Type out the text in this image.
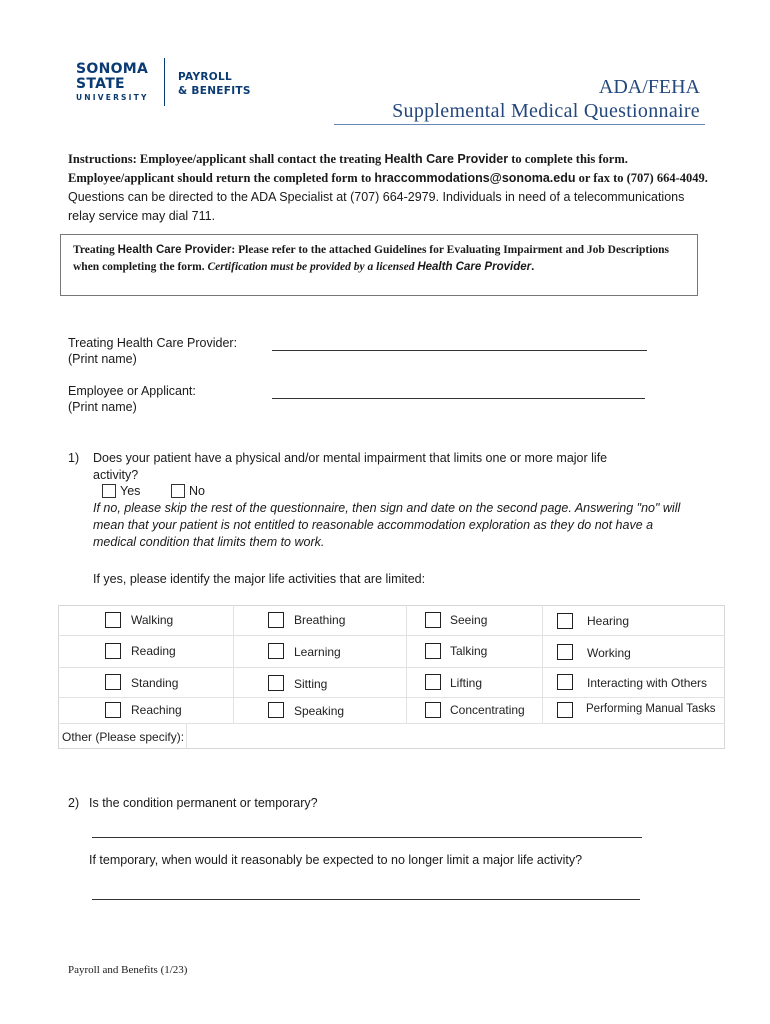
SONOMA
STATE
UNIVERSITY
PAYROLL
& BENEFITS	ADA/FEHA
Supplemental Medical Questionnaire
Instructions: Employee/applicant shall contact the treating Health Care Provider to complete this form. Employee/applicant should return the completed form to hraccommodations@sonoma.edu or fax to (707) 664-4049. Questions can be directed to the ADA Specialist at (707) 664-2979. Individuals in need of a telecommunications relay service may dial 711.
Treating Health Care Provider: Please refer to the attached Guidelines for Evaluating Impairment and Job Descriptions when completing the form. Certification must be provided by a licensed Health Care Provider.
Treating Health Care Provider:
(Print name)
Employee or Applicant:
(Print name)
1) Does your patient have a physical and/or mental impairment that limits one or more major life
activity?
Yes	No
If no, please skip the rest of the questionnaire, then sign and date on the second page. Answering "no" will mean that your patient is not entitled to reasonable accommodation exploration as they do not have a medical condition that limits them to work.
If yes, please identify the major life activities that are limited:
Walking	Breathing	Seeing	Hearing
Reading	Learning	Talking	Working
Standing	Sitting	Lifting	Interacting with Others
Reaching	Speaking	Concentrating	Performing Manual Tasks
Other (Please specify):
2) Is the condition permanent or temporary?
If temporary, when would it reasonably be expected to no longer limit a major life activity?
Payroll and Benefits (1/23)
